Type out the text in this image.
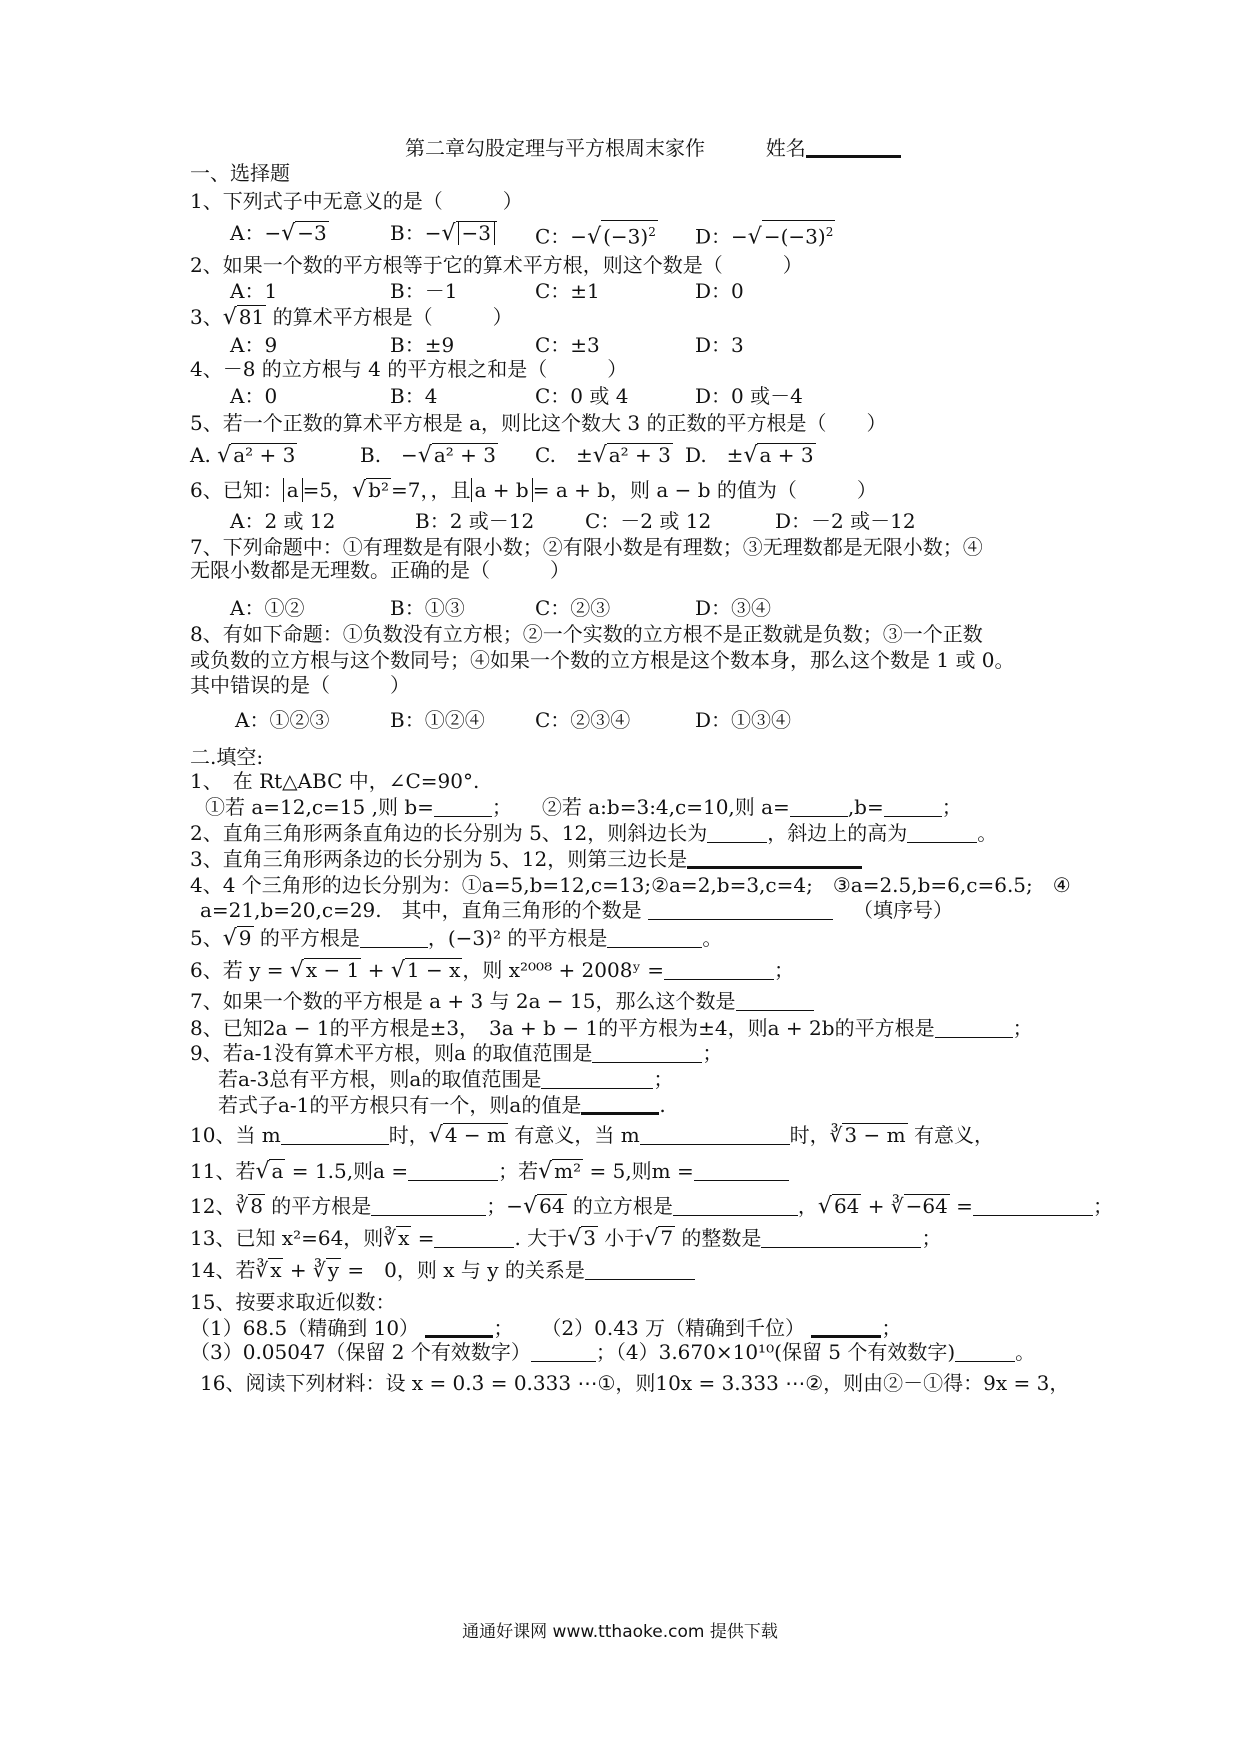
第二章勾股定理与平方根周末家作	姓名
一、选择题
1、下列式子中无意义的是（　　　）
A：−√ −3	B：−√ −3	C：−√ $(-3)^2$ D：−√ $-(-3)^2$
2、如果一个数的平方根等于它的算术平方根，则这个数是（　　　）
A：1	B：－1	C：±1	D：0
3、√ 81 的算术平方根是（　　　）
A：9	B：±9	C：±3	D：3
4、－8 的立方根与 4 的平方根之和是（　　　）
A：0	B：4	C：0 或 4	D：0 或－4
5、若一个正数的算术平方根是 a，则比这个数大 3 的正数的平方根是（　　）
A. √ a² + 3	B.　−√ a² + 3 C.　±√ a² + 3 D.　±√ a + 3
6、已知： a =5，√ b² =7，，且 a + b = a + b，则 a − b 的值为（　　　）
A：2 或 12	B：2 或－12	C：－2 或 12	D：－2 或－12
7、下列命题中：①有理数是有限小数；②有限小数是有理数；③无理数都是无限小数；④
无限小数都是无理数。正确的是（　　　）
A：①②	B：①③	C：②③	D：③④
8、有如下命题：①负数没有立方根；②一个实数的立方根不是正数就是负数；③一个正数
或负数的立方根与这个数同号；④如果一个数的立方根是这个数本身，那么这个数是 1 或 0。
其中错误的是（　　　）
A：①②③	B：①②④	C：②③④	D：①③④
二.填空:
1、　在 Rt△ABC 中，∠C=90°.
①若 a=12,c=15 ,则 b=	；　　②若 a:b=3:4,c=10,则 a=	,b=	；
2、直角三角形两条直角边的长分别为 5、12，则斜边长为	，斜边上的高为	。
3、直角三角形两条边的长分别为 5、12，则第三边长是
4、4 个三角形的边长分别为：①a=5,b=12,c=13;②a=2,b=3,c=4;　③a=2.5,b=6,c=6.5;　④
a=21,b=20,c=29.　其中，直角三角形的个数是	（填序号）
5、√ 9 的平方根是	，(−3)² 的平方根是	。
6、若 y = √ x − 1 + √ 1 − x ，则 x²⁰⁰⁸ + 2008ʸ =	；
7、如果一个数的平方根是 a + 3 与 2a − 15，那么这个数是
8、已知2a − 1的平方根是±3，　3a + b − 1的平方根为±4，则a + 2b的平方根是	；
9、若a-1没有算术平方根，则a 的取值范围是	；
若a-3总有平方根，则a的取值范围是	；
若式子a-1的平方根只有一个，则a的值是	.
10、当 m	时，√ 4 − m 有意义，当 m	时，∛ 3 − m 有意义，
11、若√ a = 1.5,则a =	；若√ m² = 5,则m =
12、∛ 8 的平方根是	；−√ 64 的立方根是	，√ 64 + ∛ −64 =	；
13、已知 x²=64，则∛ x =	. 大于√ 3 小于√ 7 的整数是	；
14、若∛ x + ∛ y =　0，则 x 与 y 的关系是
15、按要求取近似数：
（1）68.5（精确到 10）	； （2）0.43 万（精确到千位）	；
（3）0.05047（保留 2 个有效数字）	；（4）3.670×10¹⁰(保留 5 个有效数字)	。
16、阅读下列材料：设 x = 0.3̇ = 0.333 ⋯①，则10x = 3.333 ⋯②，则由②－①得：9x = 3，
通通好课网 www.tthaoke.com 提供下载
